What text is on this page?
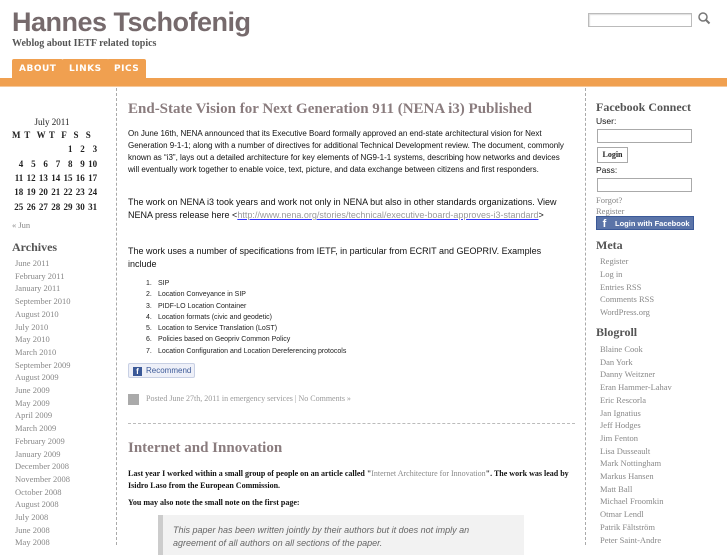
Hannes Tschofenig
Weblog about IETF related topics
ABOUT	LINKS	PICS
July 2011
M	T	W	T	F	S	S
				1	2	3
4	5	6	7	8	9	10
11	12	13	14	15	16	17
18	19	20	21	22	23	24
25	26	27	28	29	30	31
« Jun
Archives
June 2011
February 2011
January 2011
September 2010
August 2010
July 2010
May 2010
March 2010
September 2009
August 2009
June 2009
May 2009
April 2009
March 2009
February 2009
January 2009
December 2008
November 2008
October 2008
August 2008
July 2008
June 2008
May 2008
End-State Vision for Next Generation 911 (NENA i3) Published
On June 16th, NENA announced that its Executive Board formally approved an end-state architectural vision for Next Generation 9-1-1; along with a number of directives for additional Technical Development review. The document, commonly known as “i3”, lays out a detailed architecture for key elements of NG9-1-1 systems, describing how networks and devices will eventually work together to enable voice, text, picture, and data exchange between citizens and first responders.
The work on NENA i3 took years and work not only in NENA but also in other standards organizations. View NENA press release here <http://www.nena.org/stories/technical/executive-board-approves-i3-standard>
The work uses a number of specifications from IETF, in particular from ECRIT and GEOPRIV. Examples include
1. SIP
2. Location Conveyance in SIP
3. PIDF-LO Location Container
4. Location formats (civic and geodetic)
5. Location to Service Translation (LoST)
6. Policies based on Geopriv Common Policy
7. Location Configuration and Location Dereferencing protocols
f Recommend
Posted June 27th, 2011 in emergency services | No Comments »
Internet and Innovation
Last year I worked within a small group of people on an article called "Internet Architecture for Innovation". The work was lead by Isidro Laso from the European Commission.
You may also note the small note on the first page:
This paper has been written jointly by their authors but it does not imply an agreement of all authors on all sections of the paper.
Facebook Connect
User:
Login
Pass:
Forgot?
Register
f	Login with Facebook
Meta
Register
Log in
Entries RSS
Comments RSS
WordPress.org
Blogroll
Blaine Cook
Dan York
Danny Weitzner
Eran Hammer-Lahav
Eric Rescorla
Jan Ignatius
Jeff Hodges
Jim Fenton
Lisa Dusseault
Mark Nottingham
Markus Hansen
Matt Ball
Michael Froomkin
Otmar Lendl
Patrik Fältström
Peter Saint-Andre
